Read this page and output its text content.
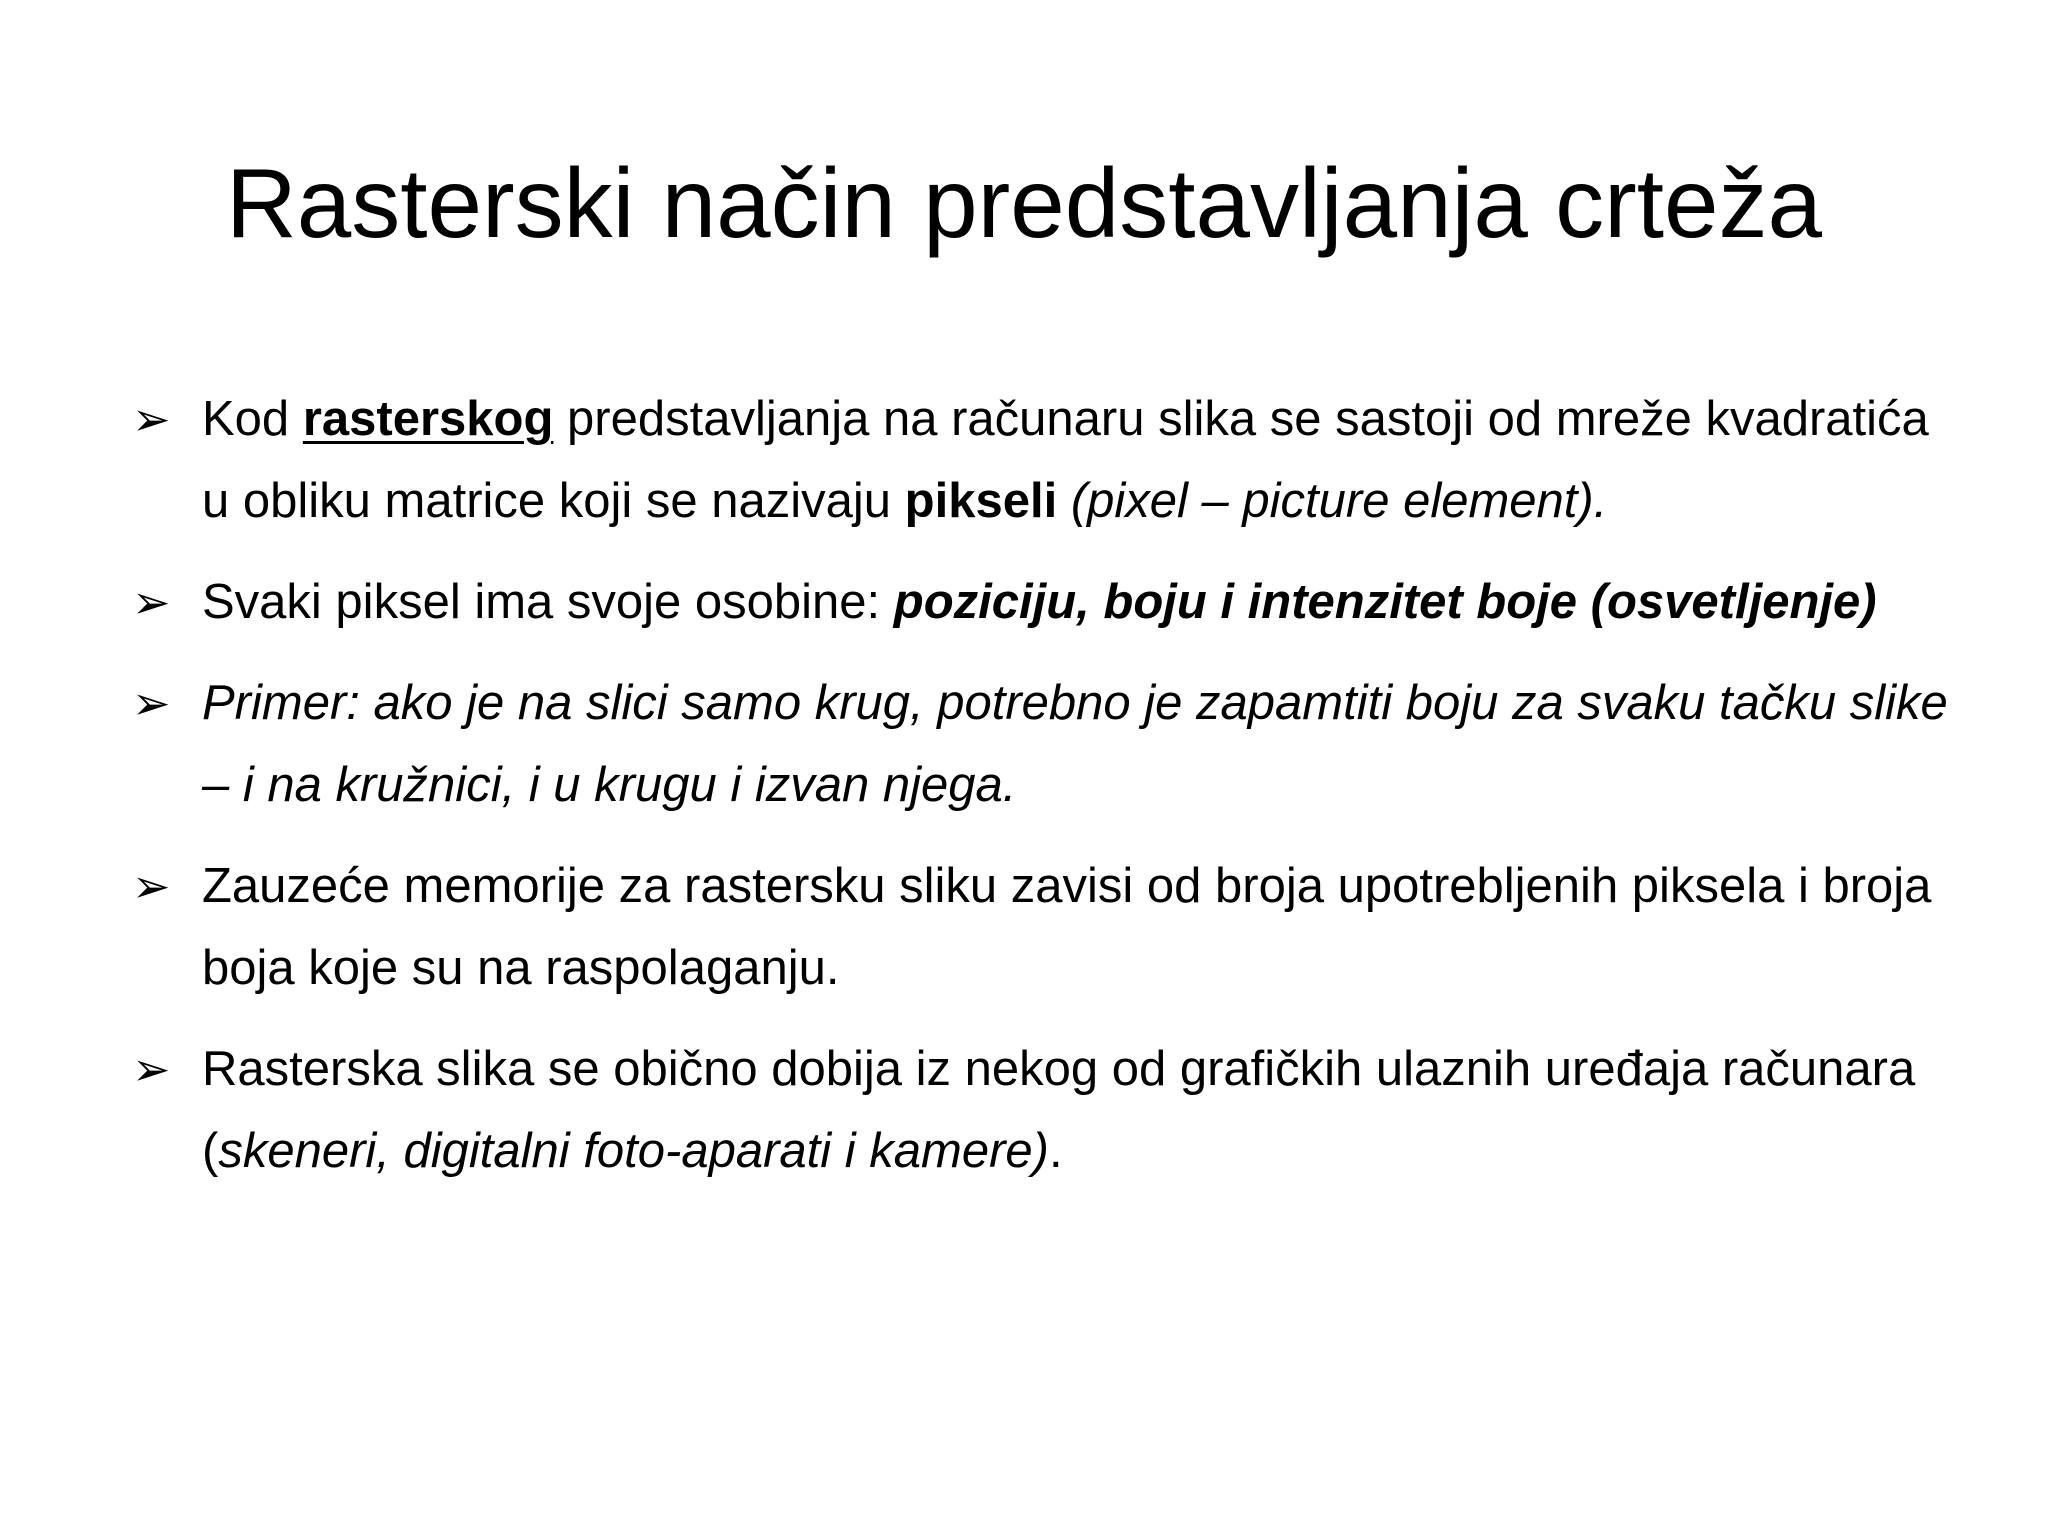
Rasterski način predstavljanja crteža
➢ Kod rasterskog predstavljanja na računaru slika se sastoji od mreže kvadratića u obliku matrice koji se nazivaju pikseli (pixel – picture element).
➢ Svaki piksel ima svoje osobine: poziciju, boju i intenzitet boje (osvetljenje)
➢ Primer: ako je na slici samo krug, potrebno je zapamtiti boju za svaku tačku slike – i na kružnici, i u krugu i izvan njega.
➢ Zauzeće memorije za rastersku sliku zavisi od broja upotrebljenih piksela i broja boja koje su na raspolaganju.
➢ Rasterska slika se obično dobija iz nekog od grafičkih ulaznih uređaja računara (skeneri, digitalni foto-aparati i kamere).
